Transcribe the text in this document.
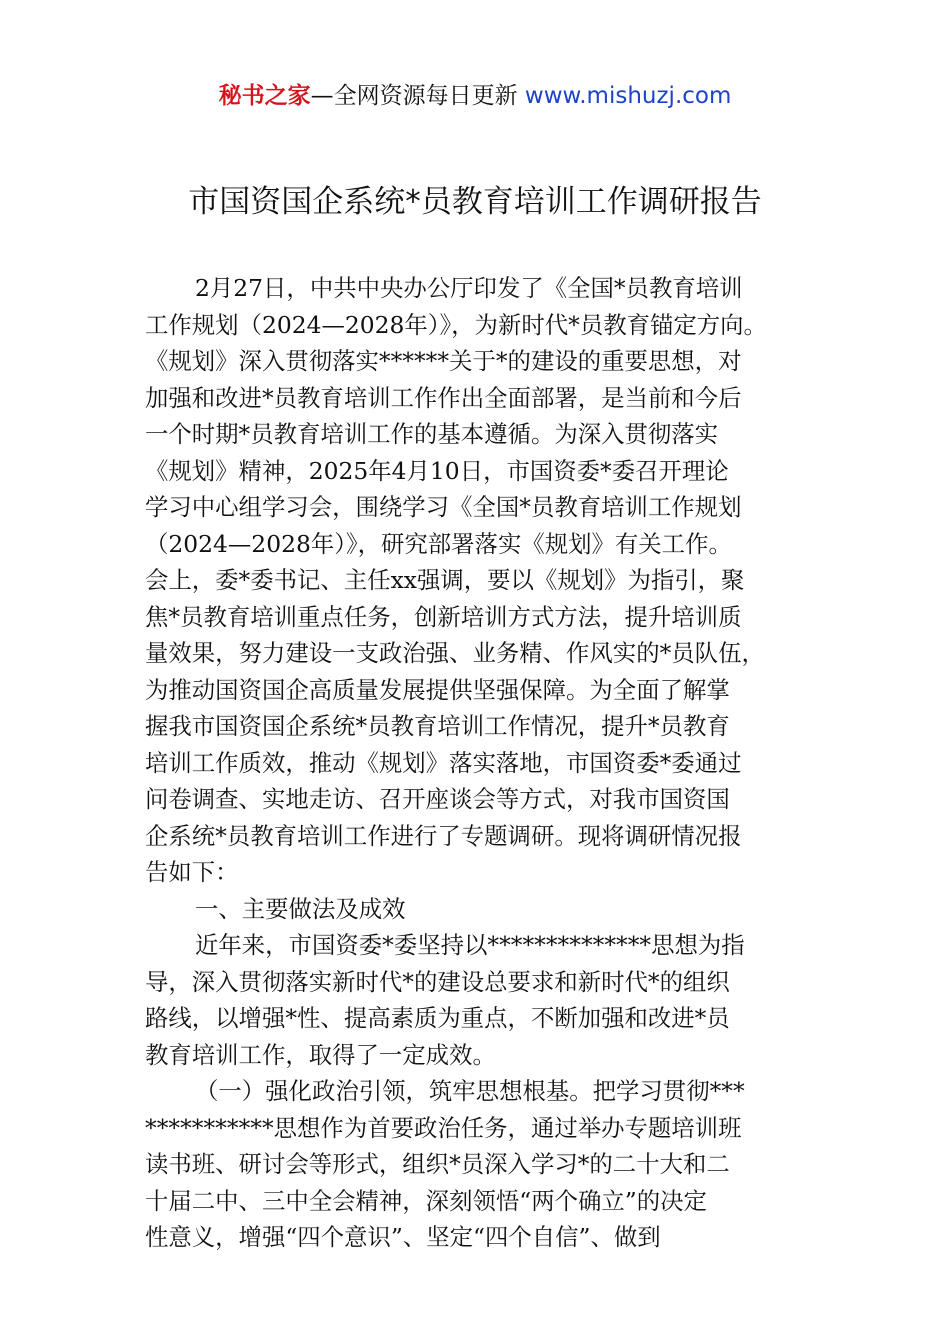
秘书之家—全网资源每日更新 www.mishuzj.com
市国资国企系统*员教育培训工作调研报告
2月27日，中共中央办公厅印发了《全国*员教育培训
工作规划（2024—2028年）》，为新时代*员教育锚定方向。
《规划》深入贯彻落实******关于*的建设的重要思想，对
加强和改进*员教育培训工作作出全面部署，是当前和今后
一个时期*员教育培训工作的基本遵循。为深入贯彻落实
《规划》精神，2025年4月10日，市国资委*委召开理论
学习中心组学习会，围绕学习《全国*员教育培训工作规划
（2024—2028年）》，研究部署落实《规划》有关工作。
会上，委*委书记、主任xx强调，要以《规划》为指引，聚
焦*员教育培训重点任务，创新培训方式方法，提升培训质
量效果，努力建设一支政治强、业务精、作风实的*员队伍，
为推动国资国企高质量发展提供坚强保障。为全面了解掌
握我市国资国企系统*员教育培训工作情况，提升*员教育
培训工作质效，推动《规划》落实落地，市国资委*委通过
问卷调查、实地走访、召开座谈会等方式，对我市国资国
企系统*员教育培训工作进行了专题调研。现将调研情况报
告如下：
一、主要做法及成效
近年来，市国资委*委坚持以**************思想为指
导，深入贯彻落实新时代*的建设总要求和新时代*的组织
路线，以增强*性、提高素质为重点，不断加强和改进*员
教育培训工作，取得了一定成效。
（一）强化政治引领，筑牢思想根基。把学习贯彻***
***********思想作为首要政治任务，通过举办专题培训班
读书班、研讨会等形式，组织*员深入学习*的二十大和二
十届二中、三中全会精神，深刻领悟“两个确立”的决定
性意义，增强“四个意识”、坚定“四个自信”、做到
